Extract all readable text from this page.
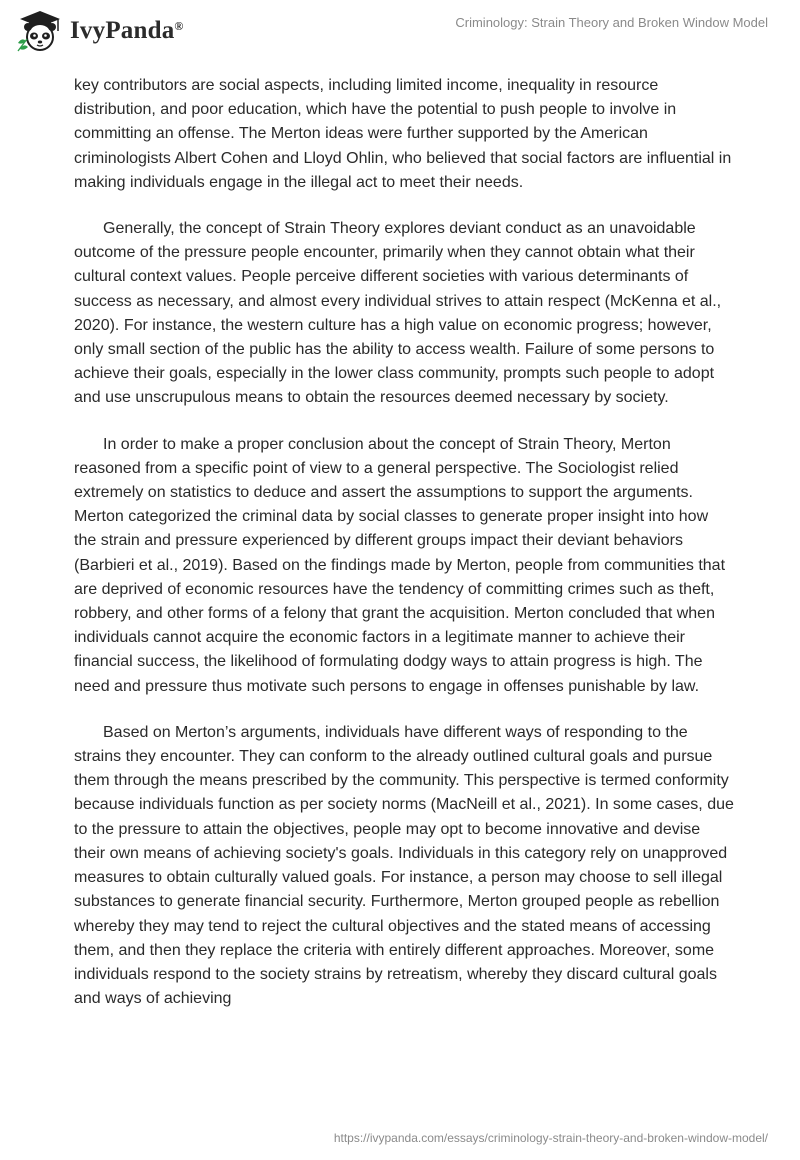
IvyPanda®	Criminology: Strain Theory and Broken Window Model

key contributors are social aspects, including limited income, inequality in resource distribution, and poor education, which have the potential to push people to involve in committing an offense. The Merton ideas were further supported by the American criminologists Albert Cohen and Lloyd Ohlin, who believed that social factors are influential in making individuals engage in the illegal act to meet their needs.

Generally, the concept of Strain Theory explores deviant conduct as an unavoidable outcome of the pressure people encounter, primarily when they cannot obtain what their cultural context values. People perceive different societies with various determinants of success as necessary, and almost every individual strives to attain respect (McKenna et al., 2020). For instance, the western culture has a high value on economic progress; however, only small section of the public has the ability to access wealth. Failure of some persons to achieve their goals, especially in the lower class community, prompts such people to adopt and use unscrupulous means to obtain the resources deemed necessary by society.

In order to make a proper conclusion about the concept of Strain Theory, Merton reasoned from a specific point of view to a general perspective. The Sociologist relied extremely on statistics to deduce and assert the assumptions to support the arguments. Merton categorized the criminal data by social classes to generate proper insight into how the strain and pressure experienced by different groups impact their deviant behaviors (Barbieri et al., 2019). Based on the findings made by Merton, people from communities that are deprived of economic resources have the tendency of committing crimes such as theft, robbery, and other forms of a felony that grant the acquisition. Merton concluded that when individuals cannot acquire the economic factors in a legitimate manner to achieve their financial success, the likelihood of formulating dodgy ways to attain progress is high. The need and pressure thus motivate such persons to engage in offenses punishable by law.

Based on Merton’s arguments, individuals have different ways of responding to the strains they encounter. They can conform to the already outlined cultural goals and pursue them through the means prescribed by the community. This perspective is termed conformity because individuals function as per society norms (MacNeill et al., 2021). In some cases, due to the pressure to attain the objectives, people may opt to become innovative and devise their own means of achieving society's goals. Individuals in this category rely on unapproved measures to obtain culturally valued goals. For instance, a person may choose to sell illegal substances to generate financial security. Furthermore, Merton grouped people as rebellion whereby they may tend to reject the cultural objectives and the stated means of accessing them, and then they replace the criteria with entirely different approaches. Moreover, some individuals respond to the society strains by retreatism, whereby they discard cultural goals and ways of achieving

https://ivypanda.com/essays/criminology-strain-theory-and-broken-window-model/
